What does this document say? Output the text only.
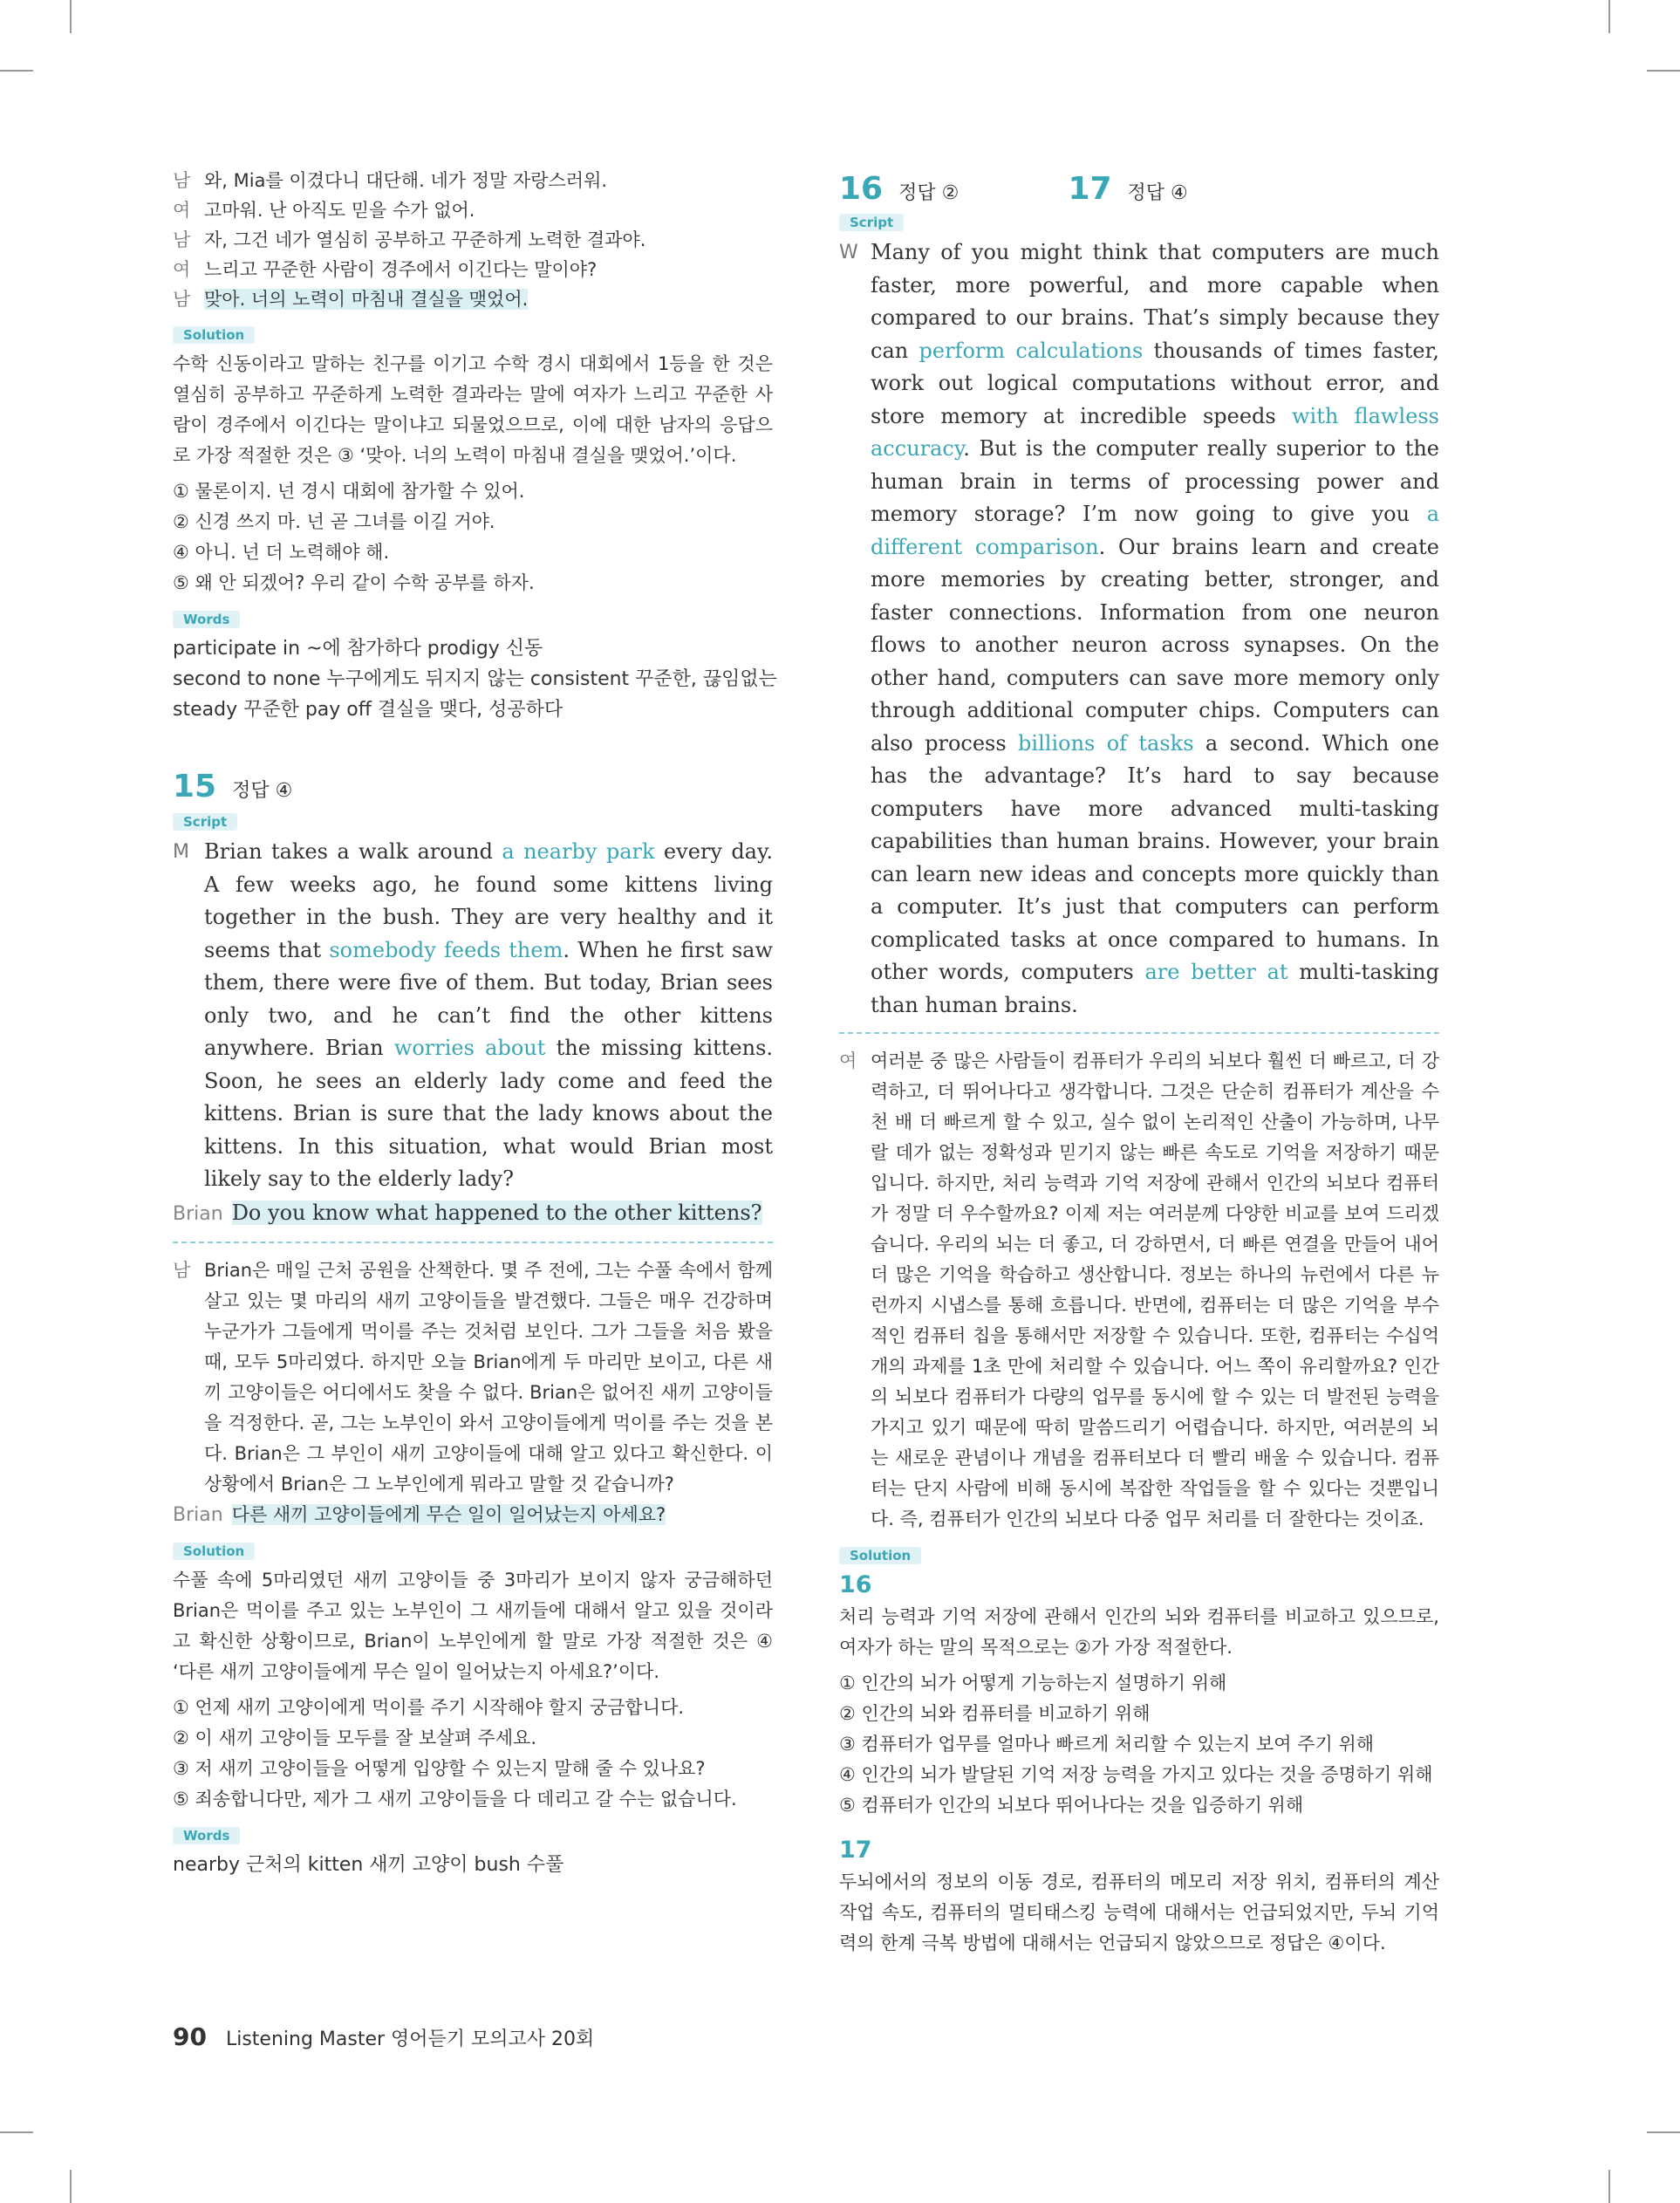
남 와, Mia를 이겼다니 대단해. 네가 정말 자랑스러워.
여 고마워. 난 아직도 믿을 수가 없어.
남 자, 그건 네가 열심히 공부하고 꾸준하게 노력한 결과야.
여 느리고 꾸준한 사람이 경주에서 이긴다는 말이야?
남 맞아. 너의 노력이 마침내 결실을 맺었어.
Solution
수학 신동이라고 말하는 친구를 이기고 수학 경시 대회에서 1등을 한 것은 열심히 공부하고 꾸준하게 노력한 결과라는 말에 여자가 느리고 꾸준한 사람이 경주에서 이긴다는 말이냐고 되물었으므로, 이에 대한 남자의 응답으로 가장 적절한 것은 ③ ‘맞아. 너의 노력이 마침내 결실을 맺었어.’이다.
① 물론이지. 넌 경시 대회에 참가할 수 있어.
② 신경 쓰지 마. 넌 곧 그녀를 이길 거야.
④ 아니. 넌 더 노력해야 해.
⑤ 왜 안 되겠어? 우리 같이 수학 공부를 하자.
Words
participate in ~에 참가하다 prodigy 신동
second to none 누구에게도 뒤지지 않는 consistent 꾸준한, 끊임없는
steady 꾸준한 pay off 결실을 맺다, 성공하다
15 정답 ④
Script
M Brian takes a walk around a nearby park every day. A few weeks ago, he found some kittens living together in the bush. They are very healthy and it seems that somebody feeds them. When he first saw them, there were five of them. But today, Brian sees only two, and he can’t find the other kittens anywhere. Brian worries about the missing kittens. Soon, he sees an elderly lady come and feed the kittens. Brian is sure that the lady knows about the kittens. In this situation, what would Brian most likely say to the elderly lady?
Brian Do you know what happened to the other kittens?
남 Brian은 매일 근처 공원을 산책한다. 몇 주 전에, 그는 수풀 속에서 함께 살고 있는 몇 마리의 새끼 고양이들을 발견했다. 그들은 매우 건강하며 누군가가 그들에게 먹이를 주는 것처럼 보인다. 그가 그들을 처음 봤을 때, 모두 5마리였다. 하지만 오늘 Brian에게 두 마리만 보이고, 다른 새끼 고양이들은 어디에서도 찾을 수 없다. Brian은 없어진 새끼 고양이들을 걱정한다. 곧, 그는 노부인이 와서 고양이들에게 먹이를 주는 것을 본다. Brian은 그 부인이 새끼 고양이들에 대해 알고 있다고 확신한다. 이 상황에서 Brian은 그 노부인에게 뭐라고 말할 것 같습니까?
Brian 다른 새끼 고양이들에게 무슨 일이 일어났는지 아세요?
Solution
수풀 속에 5마리였던 새끼 고양이들 중 3마리가 보이지 않자 궁금해하던 Brian은 먹이를 주고 있는 노부인이 그 새끼들에 대해서 알고 있을 것이라고 확신한 상황이므로, Brian이 노부인에게 할 말로 가장 적절한 것은 ④ ‘다른 새끼 고양이들에게 무슨 일이 일어났는지 아세요?’이다.
① 언제 새끼 고양이에게 먹이를 주기 시작해야 할지 궁금합니다.
② 이 새끼 고양이들 모두를 잘 보살펴 주세요.
③ 저 새끼 고양이들을 어떻게 입양할 수 있는지 말해 줄 수 있나요?
⑤ 죄송합니다만, 제가 그 새끼 고양이들을 다 데리고 갈 수는 없습니다.
Words
nearby 근처의 kitten 새끼 고양이 bush 수풀
16 정답 ②	17 정답 ④
Script
W Many of you might think that computers are much faster, more powerful, and more capable when compared to our brains. That’s simply because they can perform calculations thousands of times faster, work out logical computations without error, and store memory at incredible speeds with flawless accuracy. But is the computer really superior to the human brain in terms of processing power and memory storage? I’m now going to give you a different comparison. Our brains learn and create more memories by creating better, stronger, and faster connections. Information from one neuron flows to another neuron across synapses. On the other hand, computers can save more memory only through additional computer chips. Computers can also process billions of tasks a second. Which one has the advantage? It’s hard to say because computers have more advanced multi-tasking capabilities than human brains. However, your brain can learn new ideas and concepts more quickly than a computer. It’s just that computers can perform complicated tasks at once compared to humans. In other words, computers are better at multi-tasking than human brains.
여 여러분 중 많은 사람들이 컴퓨터가 우리의 뇌보다 훨씬 더 빠르고, 더 강력하고, 더 뛰어나다고 생각합니다. 그것은 단순히 컴퓨터가 계산을 수천 배 더 빠르게 할 수 있고, 실수 없이 논리적인 산출이 가능하며, 나무랄 데가 없는 정확성과 믿기지 않는 빠른 속도로 기억을 저장하기 때문입니다. 하지만, 처리 능력과 기억 저장에 관해서 인간의 뇌보다 컴퓨터가 정말 더 우수할까요? 이제 저는 여러분께 다양한 비교를 보여 드리겠습니다. 우리의 뇌는 더 좋고, 더 강하면서, 더 빠른 연결을 만들어 내어 더 많은 기억을 학습하고 생산합니다. 정보는 하나의 뉴런에서 다른 뉴런까지 시냅스를 통해 흐릅니다. 반면에, 컴퓨터는 더 많은 기억을 부수적인 컴퓨터 칩을 통해서만 저장할 수 있습니다. 또한, 컴퓨터는 수십억 개의 과제를 1초 만에 처리할 수 있습니다. 어느 쪽이 유리할까요? 인간의 뇌보다 컴퓨터가 다량의 업무를 동시에 할 수 있는 더 발전된 능력을 가지고 있기 때문에 딱히 말씀드리기 어렵습니다. 하지만, 여러분의 뇌는 새로운 관념이나 개념을 컴퓨터보다 더 빨리 배울 수 있습니다. 컴퓨터는 단지 사람에 비해 동시에 복잡한 작업들을 할 수 있다는 것뿐입니다. 즉, 컴퓨터가 인간의 뇌보다 다중 업무 처리를 더 잘한다는 것이죠.
Solution
16
처리 능력과 기억 저장에 관해서 인간의 뇌와 컴퓨터를 비교하고 있으므로, 여자가 하는 말의 목적으로는 ②가 가장 적절한다.
① 인간의 뇌가 어떻게 기능하는지 설명하기 위해
② 인간의 뇌와 컴퓨터를 비교하기 위해
③ 컴퓨터가 업무를 얼마나 빠르게 처리할 수 있는지 보여 주기 위해
④ 인간의 뇌가 발달된 기억 저장 능력을 가지고 있다는 것을 증명하기 위해
⑤ 컴퓨터가 인간의 뇌보다 뛰어나다는 것을 입증하기 위해
17
두뇌에서의 정보의 이동 경로, 컴퓨터의 메모리 저장 위치, 컴퓨터의 계산 작업 속도, 컴퓨터의 멀티태스킹 능력에 대해서는 언급되었지만, 두뇌 기억력의 한계 극복 방법에 대해서는 언급되지 않았으므로 정답은 ④이다.
90 Listening Master 영어듣기 모의고사 20회
